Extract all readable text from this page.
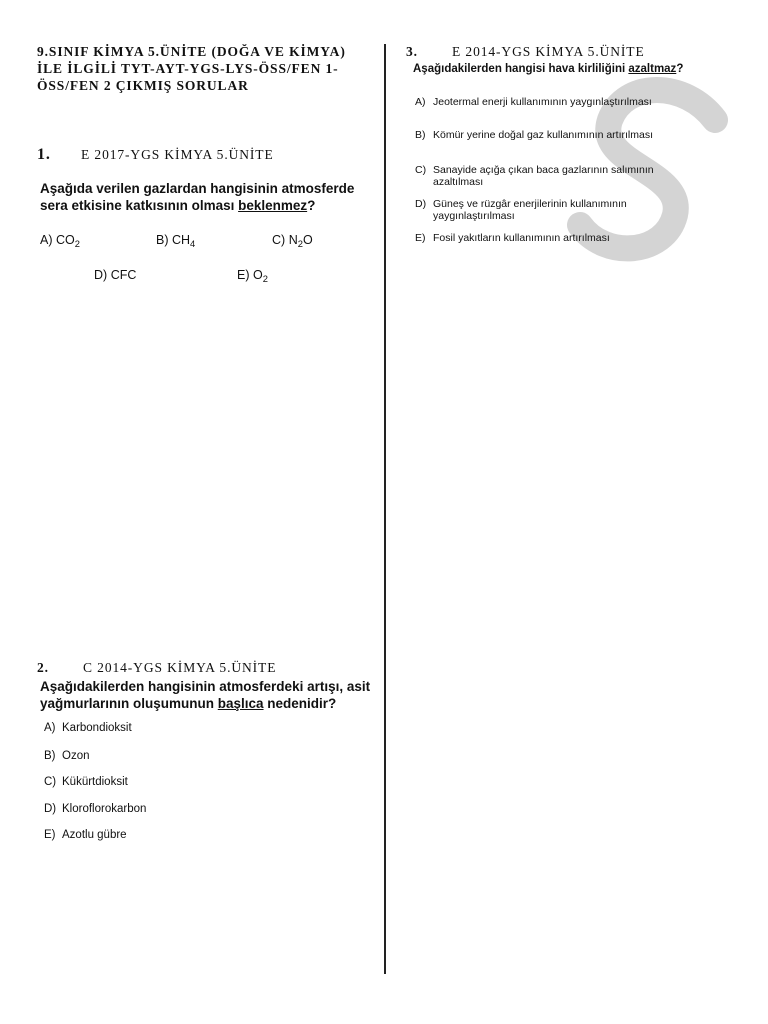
9.SINIF KİMYA 5.ÜNİTE (DOĞA VE KİMYA)
İLE İLGİLİ TYT-AYT-YGS-LYS-ÖSS/FEN 1-
ÖSS/FEN 2 ÇIKMIŞ SORULAR
1. E 2017-YGS KİMYA 5.ÜNİTE
Aşağıda verilen gazlardan hangisinin atmosferde
sera etkisine katkısının olması beklenmez?
A) $CO_2$	B) $CH_4$	C) $N_2O$
D) CFC	E) $O_2$
2.	C 2014-YGS KİMYA 5.ÜNİTE
Aşağıdakilerden hangisinin atmosferdeki artışı, asit
yağmurlarının oluşumunun başlıca nedenidir?
A) Karbondioksit
B) Ozon
C) Kükürtdioksit
D) Kloroflorokarbon
E) Azotlu gübre
3.	E 2014-YGS KİMYA 5.ÜNİTE
Aşağıdakilerden hangisi hava kirliliğini azaltmaz?
A) Jeotermal enerji kullanımının yaygınlaştırılması
B) Kömür yerine doğal gaz kullanımının artırılması
C) Sanayide açığa çıkan baca gazlarının salımının
azaltılması
D) Güneş ve rüzgâr enerjilerinin kullanımının
yaygınlaştırılması
E) Fosil yakıtların kullanımının artırılması
